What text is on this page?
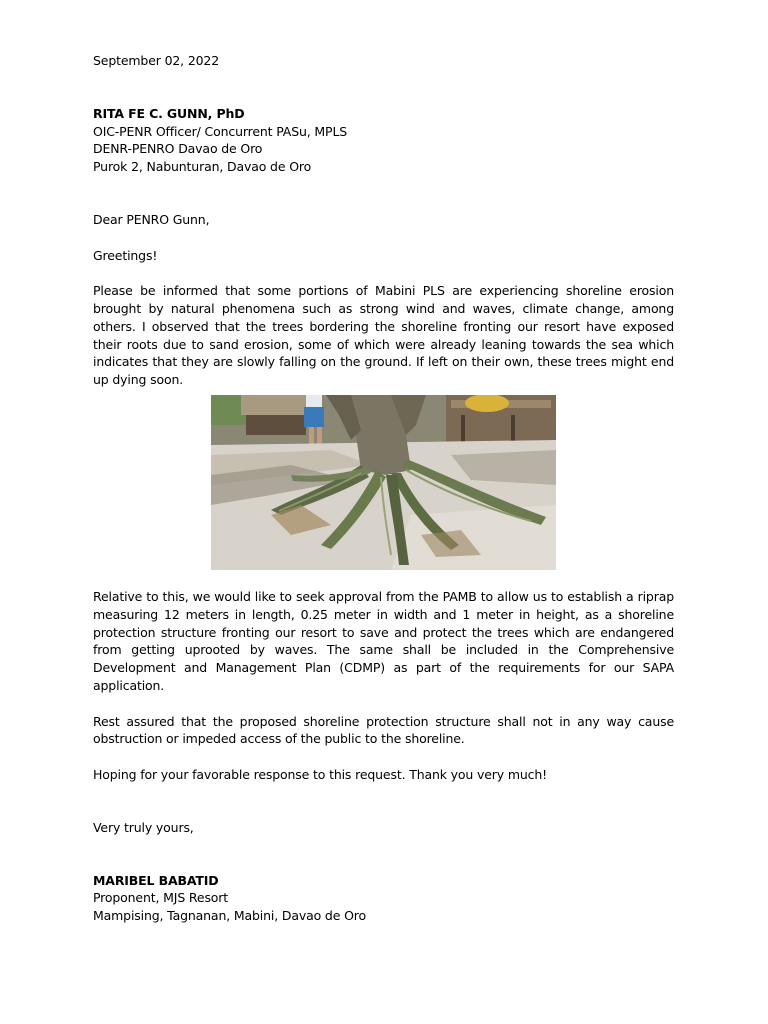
September 02, 2022
RITA FE C. GUNN, PhD
OIC-PENR Officer/ Concurrent PASu, MPLS
DENR-PENRO Davao de Oro
Purok 2, Nabunturan, Davao de Oro

Dear PENRO Gunn,

Greetings!

Please be informed that some portions of Mabini PLS are experiencing shoreline erosion brought by natural phenomena such as strong wind and waves, climate change, among others. I observed that the trees bordering the shoreline fronting our resort have exposed their roots due to sand erosion, some of which were already leaning towards the sea which indicates that they are slowly falling on the ground. If left on their own, these trees might end up dying soon.

Relative to this, we would like to seek approval from the PAMB to allow us to establish a riprap measuring 12 meters in length, 0.25 meter in width and 1 meter in height, as a shoreline protection structure fronting our resort to save and protect the trees which are endangered from getting uprooted by waves. The same shall be included in the Comprehensive Development and Management Plan (CDMP) as part of the requirements for our SAPA application.

Rest assured that the proposed shoreline protection structure shall not in any way cause obstruction or impeded access of the public to the shoreline.

Hoping for your favorable response to this request. Thank you very much!

Very truly yours,
MARIBEL BABATID
Proponent, MJS Resort
Mampising, Tagnanan, Mabini, Davao de Oro
